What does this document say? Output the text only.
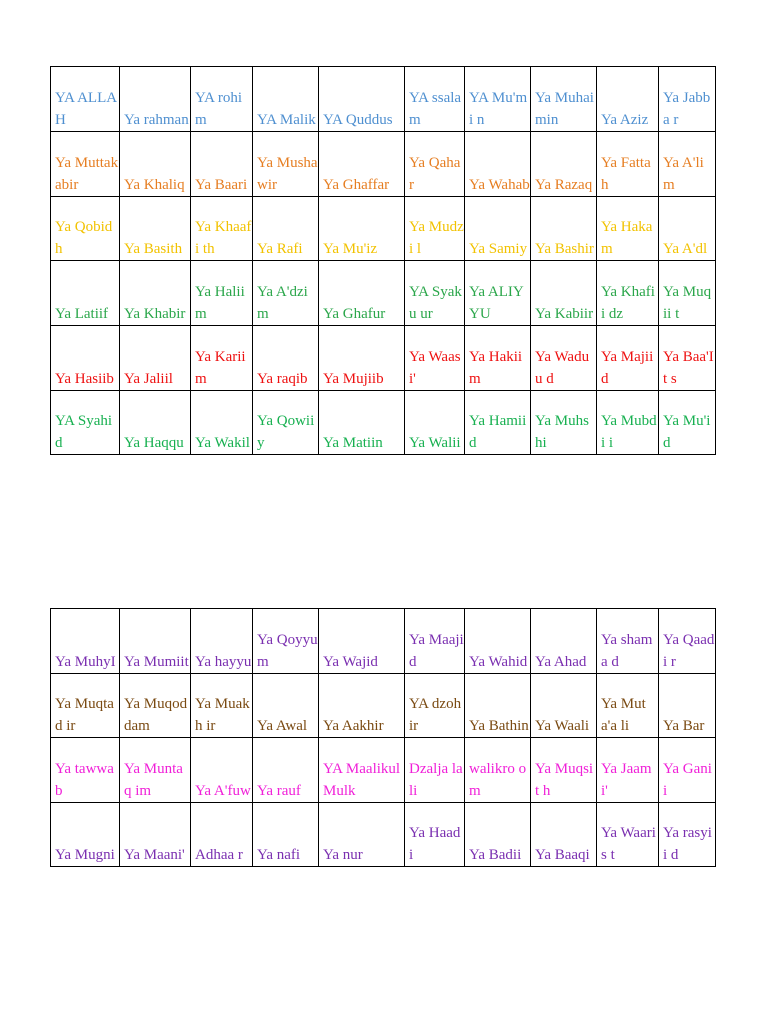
YA ALLA H	Ya rahman	YA rohim	YA Malik	YA Quddus	YA ssalam	YA Mu'mi n	Ya Muhai min	Ya Aziz	Ya Jabba r
Ya Muttak abir	Ya Khaliq	Ya Baari	Ya Musha wir	Ya Ghaffar	Ya Qahar	Ya Wahab	Ya Razaq	Ya Fattah	Ya A'lim
Ya Qobidh	Ya Basith	Ya Khaafi th	Ya Rafi	Ya Mu'iz	Ya Mudzi l	Ya Samiy	Ya Bashir	Ya Hakam	Ya A'dl
Ya Latiif	Ya Khabir	Ya Haliim	Ya A'dzim	Ya Ghafur	YA Syaku ur	Ya ALIY YU	Ya Kabiir	Ya Khafii dz	Ya Muqii t
Ya Hasiib	Ya Jaliil	Ya Kariim	Ya raqib	Ya Mujiib	Ya Waasi'	Ya Hakiim	Ya Waduu d	Ya Majiid	Ya Baa'It s
YA Syahid	Ya Haqqu	Ya Wakil	Ya Qowiiy	Ya Matiin	Ya Walii	Ya Hamiid	Ya Muhshi	Ya Mubdi i	Ya Mu'id
Ya MuhyI	Ya Mumiit	Ya hayyu	Ya Qoyyu m	Ya Wajid	Ya Maaji d	Ya Wahid	Ya Ahad	Ya shama d	Ya Qaadi r
Ya Muqtad ir	Ya Muqod dam	Ya Muakh ir	Ya Awal	Ya Aakhir	YA dzohir	Ya Bathin	Ya Waali	Ya Muta'a li	Ya Bar
Ya tawwab	Ya Muntaq im	Ya A'fuw	Ya rauf	YA Maalikul Mulk	Dzalja lali	walikro om	Ya Muqsit h	Ya Jaami'	Ya Ganii
Ya Mugni	Ya Maani'	Adhaa r	Ya nafi	Ya nur	Ya Haadi	Ya Badii	Ya Baaqi	Ya Waaris t	Ya rasyii d
